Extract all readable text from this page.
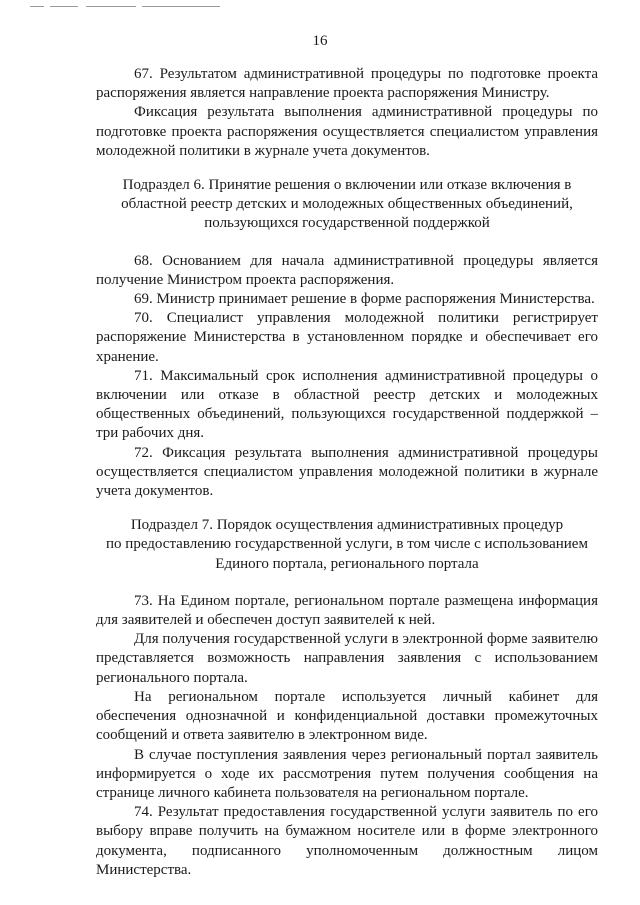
16

67. Результатом административной процедуры по подготовке проекта распоряжения является направление проекта распоряжения Министру.

Фиксация результата выполнения административной процедуры по подготовке проекта распоряжения осуществляется специалистом управления молодежной политики в журнале учета документов.

Подраздел 6. Принятие решения о включении или отказе включения в
областной реестр детских и молодежных общественных объединений,
пользующихся государственной поддержкой

68. Основанием для начала административной процедуры является получение Министром проекта распоряжения.

69. Министр принимает решение в форме распоряжения Министерства.

70. Специалист управления молодежной политики регистрирует распоряжение Министерства в установленном порядке и обеспечивает его хранение.

71. Максимальный срок исполнения административной процедуры о включении или отказе в областной реестр детских и молодежных общественных объединений, пользующихся государственной поддержкой – три рабочих дня.

72. Фиксация результата выполнения административной процедуры осуществляется специалистом управления молодежной политики в журнале учета документов.

Подраздел 7. Порядок осуществления административных процедур
по предоставлению государственной услуги, в том числе с использованием
Единого портала, регионального портала

73. На Едином портале, региональном портале размещена информация для заявителей и обеспечен доступ заявителей к ней.

Для получения государственной услуги в электронной форме заявителю представляется возможность направления заявления с использованием регионального портала.

На региональном портале используется личный кабинет для обеспечения однозначной и конфиденциальной доставки промежуточных сообщений и ответа заявителю в электронном виде.

В случае поступления заявления через региональный портал заявитель информируется о ходе их рассмотрения путем получения сообщения на странице личного кабинета пользователя на региональном портале.

74. Результат предоставления государственной услуги заявитель по его выбору вправе получить на бумажном носителе или в форме электронного документа, подписанного уполномоченным должностным лицом Министерства.
